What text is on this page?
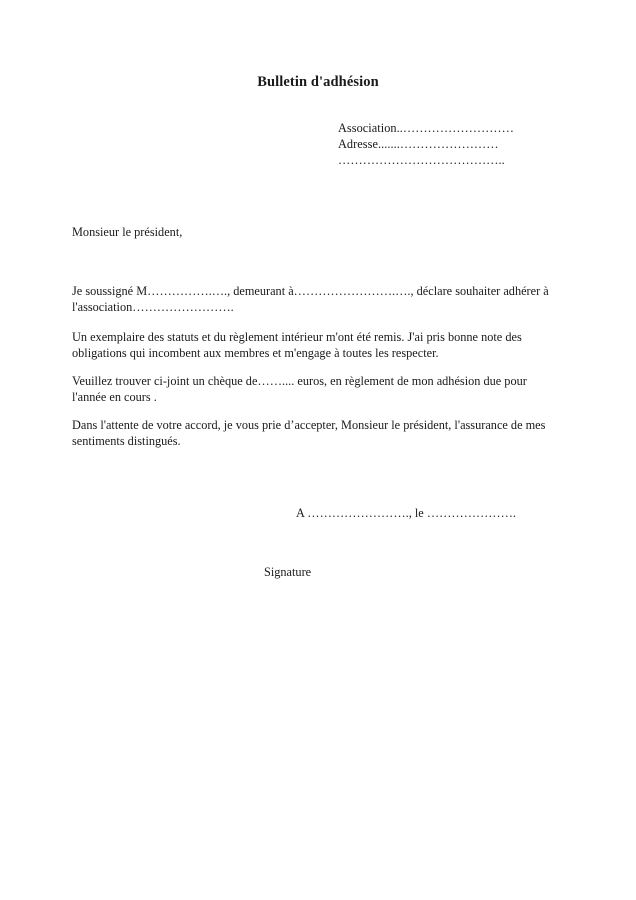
Bulletin d'adhésion
Association..………………………
Adresse.......……………………
…………………………………..
Monsieur le président,
Je soussigné M…………….…., demeurant à…………………….…., déclare souhaiter adhérer à l'association…………………….
Un exemplaire des statuts et du règlement intérieur m'ont été remis. J'ai pris bonne note des obligations qui incombent aux membres et m'engage à toutes les respecter.
Veuillez trouver ci-joint un chèque de…….... euros, en règlement de mon adhésion due pour l'année en cours .
Dans l'attente de votre accord, je vous prie d’accepter, Monsieur le président, l'assurance de mes sentiments distingués.
A ……………………., le ………………….
Signature
